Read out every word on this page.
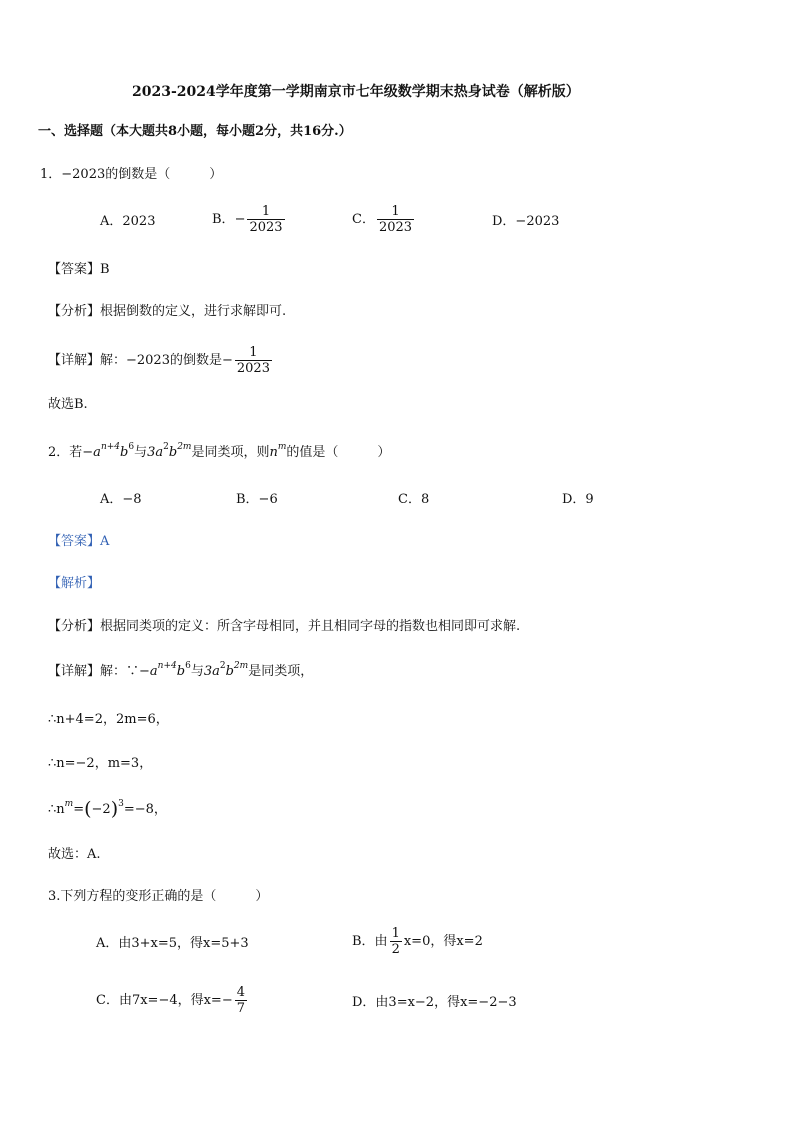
2023-2024学年度第一学期南京市七年级数学期末热身试卷（解析版）
一、选择题（本大题共8小题，每小题2分，共16分.）
1．−2023的倒数是（　　　）
A．2023	B．− $\frac{1}{2023}$	C． $\frac{1}{2023}$	D．−2023
【答案】B
【分析】根据倒数的定义，进行求解即可.
【详解】解：−2023的倒数是− $\frac{1}{2023}$
故选B.
2．若$-a^{n+4}b^6$与$3a^2b^{2m}$是同类项，则$n^m$的值是（　　　）
A．−8	B．−6	C．8	D．9
【答案】A
【解析】
【分析】根据同类项的定义：所含字母相同，并且相同字母的指数也相同即可求解.
【详解】解：$\because-a^{n+4}b^6$与$3a^2b^{2m}$是同类项，
∴n+4=2，2m=6，
∴n=−2，m=3，
$\therefore n^m=(-2)^3=-8$，
故选：A.
3.下列方程的变形正确的是（　　　）
A．由3+x=5，得x=5+3	B．由 $\frac{1}{2} x=0$，得x=2
C．由7x=−4，得$x=- \frac{4}{7}$	D．由3=x−2，得x=−2−3
